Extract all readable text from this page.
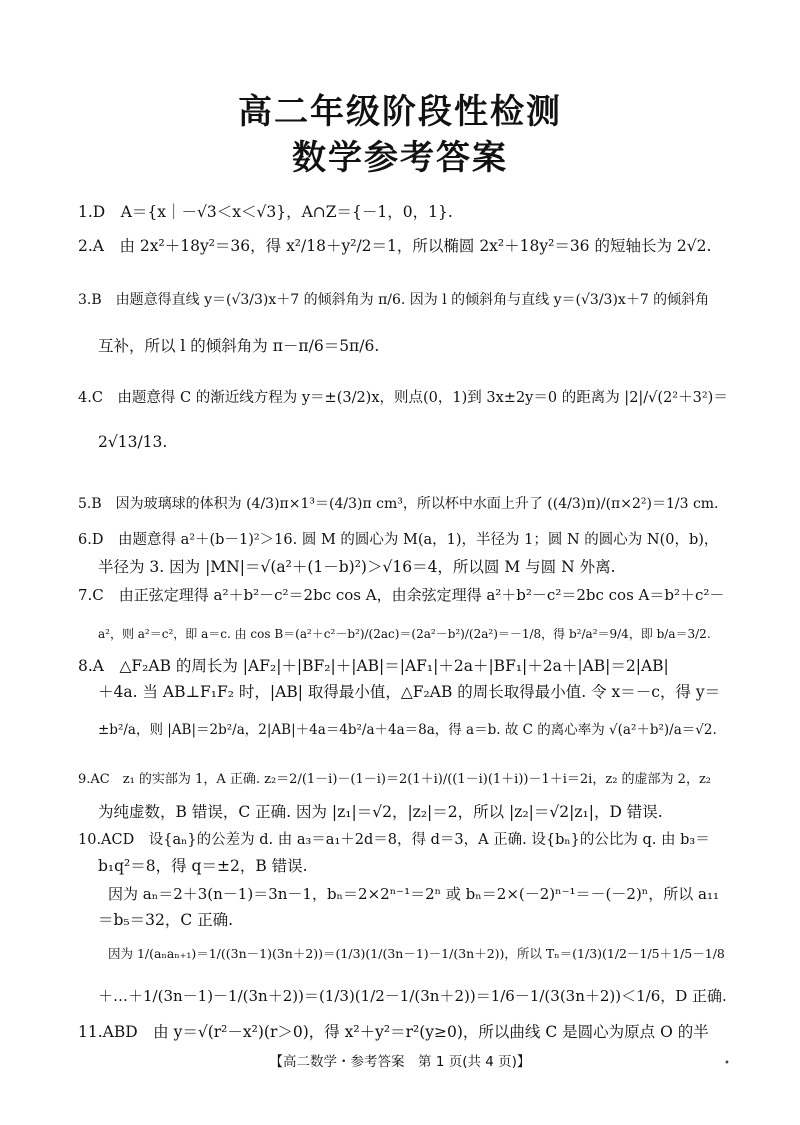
高二年级阶段性检测
数学参考答案
1.D　A＝{x｜－√3＜x＜√3}，A∩Z＝{－1，0，1}.
2.A　由 2x²＋18y²＝36，得 x²/18＋y²/2＝1，所以椭圆 2x²＋18y²＝36 的短轴长为 2√2.
3.B　由题意得直线 y＝(√3/3)x＋7 的倾斜角为 π/6. 因为 l 的倾斜角与直线 y＝(√3/3)x＋7 的倾斜角
互补，所以 l 的倾斜角为 π－π/6＝5π/6.
4.C　由题意得 C 的渐近线方程为 y＝±(3/2)x，则点(0，1)到 3x±2y＝0 的距离为 |2|/√(2²＋3²)＝
2√13/13.
5.B　因为玻璃球的体积为 (4/3)π×1³＝(4/3)π cm³，所以杯中水面上升了 ((4/3)π)/(π×2²)＝1/3 cm.
6.D　由题意得 a²＋(b－1)²＞16. 圆 M 的圆心为 M(a，1)，半径为 1；圆 N 的圆心为 N(0，b)，
半径为 3. 因为 |MN|＝√(a²＋(1－b)²)＞√16＝4，所以圆 M 与圆 N 外离.
7.C　由正弦定理得 a²＋b²－c²＝2bc cos A，由余弦定理得 a²＋b²－c²＝2bc cos A＝b²＋c²－
a²，则 a²＝c²，即 a＝c. 由 cos B＝(a²＋c²－b²)/(2ac)＝(2a²－b²)/(2a²)＝－1/8，得 b²/a²＝9/4，即 b/a＝3/2.
8.A　△F₂AB 的周长为 |AF₂|＋|BF₂|＋|AB|＝|AF₁|＋2a＋|BF₁|＋2a＋|AB|＝2|AB|
＋4a. 当 AB⊥F₁F₂ 时，|AB| 取得最小值，△F₂AB 的周长取得最小值. 令 x＝－c，得 y＝
±b²/a，则 |AB|＝2b²/a，2|AB|＋4a＝4b²/a＋4a＝8a，得 a＝b. 故 C 的离心率为 √(a²＋b²)/a＝√2.
9.AC　z₁ 的实部为 1，A 正确. z₂＝2/(1－i)－(1－i)＝2(1＋i)/((1－i)(1＋i))－1＋i＝2i，z₂ 的虚部为 2，z₂
为纯虚数，B 错误，C 正确. 因为 |z₁|＝√2，|z₂|＝2，所以 |z₂|＝√2|z₁|，D 错误.
10.ACD　设{aₙ}的公差为 d. 由 a₃＝a₁＋2d＝8，得 d＝3，A 正确. 设{bₙ}的公比为 q. 由 b₃＝
b₁q²＝8，得 q＝±2，B 错误.
因为 aₙ＝2＋3(n－1)＝3n－1，bₙ＝2×2ⁿ⁻¹＝2ⁿ 或 bₙ＝2×(－2)ⁿ⁻¹＝－(－2)ⁿ，所以 a₁₁
＝b₅＝32，C 正确.
因为 1/(aₙaₙ₊₁)＝1/((3n－1)(3n＋2))＝(1/3)(1/(3n－1)－1/(3n＋2))，所以 Tₙ＝(1/3)(1/2－1/5＋1/5－1/8
＋…＋1/(3n－1)－1/(3n＋2))＝(1/3)(1/2－1/(3n＋2))＝1/6－1/(3(3n＋2))＜1/6，D 正确.
11.ABD　由 y＝√(r²－x²)(r＞0)，得 x²＋y²＝r²(y≥0)，所以曲线 C 是圆心为原点 O 的半
【高二数学・参考答案　第 1 页(共 4 页)】	•
